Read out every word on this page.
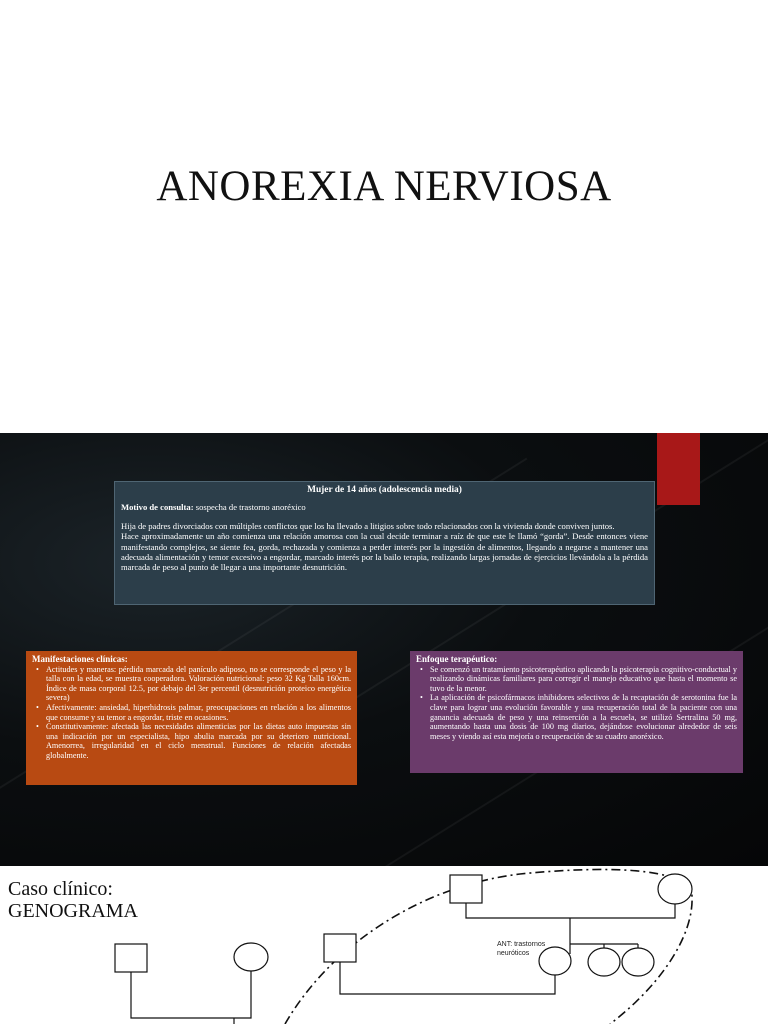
ANOREXIA NERVIOSA
Mujer de 14 años (adolescencia media)
Motivo de consulta: sospecha de trastorno anoréxico

Hija de padres divorciados con múltiples conflictos que los ha llevado a litigios sobre todo relacionados con la vivienda donde conviven juntos.

Hace aproximadamente un año comienza una relación amorosa con la cual decide terminar a raíz de que este le llamó “gorda”. Desde entonces viene manifestando complejos, se siente fea, gorda, rechazada y comienza a perder interés por la ingestión de alimentos, llegando a negarse a mantener una adecuada alimentación y temor excesivo a engordar, marcado interés por la bailo terapia, realizando largas jornadas de ejercicios llevándola a la pérdida marcada de peso al punto de llegar a una importante desnutrición.

Manifestaciones clínicas:
• Actitudes y maneras: pérdida marcada del panículo adiposo, no se corresponde el peso y la talla con la edad, se muestra cooperadora. Valoración nutricional: peso 32 Kg Talla 160cm. Índice de masa corporal 12.5, por debajo del 3er percentil (desnutrición proteico energética severa)
• Afectivamente: ansiedad, hiperhidrosis palmar, preocupaciones en relación a los alimentos que consume y su temor a engordar, triste en ocasiones.
• Constitutivamente: afectada las necesidades alimenticias por las dietas auto impuestas sin una indicación por un especialista, hipo abulia marcada por su deterioro nutricional. Amenorrea, irregularidad en el ciclo menstrual. Funciones de relación afectadas globalmente.
Enfoque terapéutico:
• Se comenzó un tratamiento psicoterapéutico aplicando la psicoterapia cognitivo-conductual y realizando dinámicas familiares para corregir el manejo educativo que hasta el momento se tuvo de la menor.
• La aplicación de psicofármacos inhibidores selectivos de la recaptación de serotonina fue la clave para lograr una evolución favorable y una recuperación total de la paciente con una ganancia adecuada de peso y una reinserción a la escuela, se utilizó Sertralina 50 mg, aumentando hasta una dosis de 100 mg diarios, dejándose evolucionar alrededor de seis meses y viendo así esta mejoría o recuperación de su cuadro anoréxico.
Caso clínico:
GENOGRAMA
ANT: trastornos
neuróticos
